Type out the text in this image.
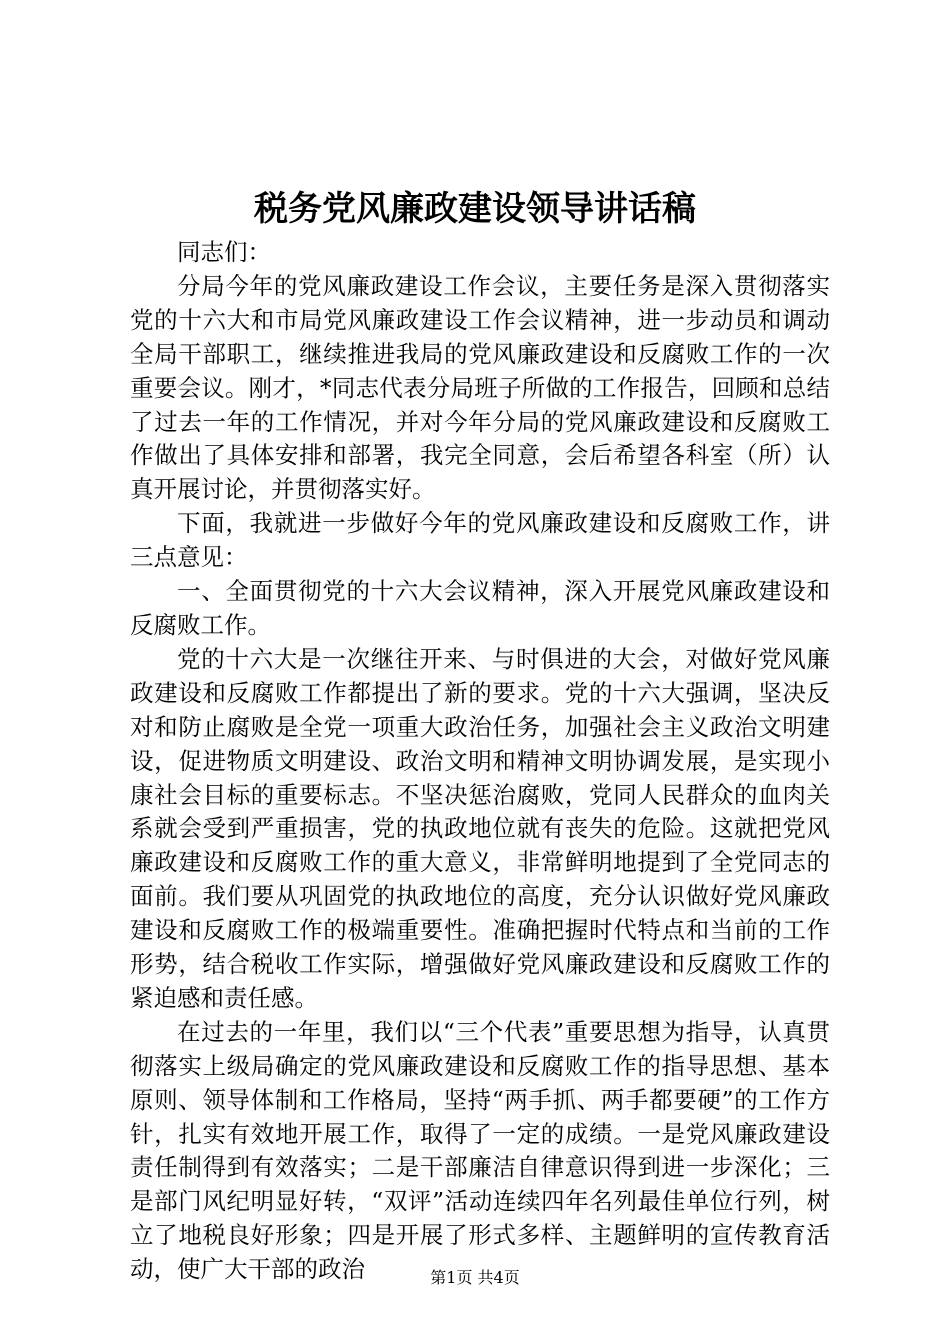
税务党风廉政建设领导讲话稿

同志们：

分局今年的党风廉政建设工作会议，主要任务是深入贯彻落实党的十六大和市局党风廉政建设工作会议精神，进一步动员和调动全局干部职工，继续推进我局的党风廉政建设和反腐败工作的一次重要会议。刚才，*同志代表分局班子所做的工作报告，回顾和总结了过去一年的工作情况，并对今年分局的党风廉政建设和反腐败工作做出了具体安排和部署，我完全同意，会后希望各科室（所）认真开展讨论，并贯彻落实好。

下面，我就进一步做好今年的党风廉政建设和反腐败工作，讲三点意见：

一、全面贯彻党的十六大会议精神，深入开展党风廉政建设和反腐败工作。

党的十六大是一次继往开来、与时俱进的大会，对做好党风廉政建设和反腐败工作都提出了新的要求。党的十六大强调，坚决反对和防止腐败是全党一项重大政治任务，加强社会主义政治文明建设，促进物质文明建设、政治文明和精神文明协调发展，是实现小康社会目标的重要标志。不坚决惩治腐败，党同人民群众的血肉关系就会受到严重损害，党的执政地位就有丧失的危险。这就把党风廉政建设和反腐败工作的重大意义，非常鲜明地提到了全党同志的面前。我们要从巩固党的执政地位的高度，充分认识做好党风廉政建设和反腐败工作的极端重要性。准确把握时代特点和当前的工作形势，结合税收工作实际，增强做好党风廉政建设和反腐败工作的紧迫感和责任感。

在过去的一年里，我们以“三个代表”重要思想为指导，认真贯彻落实上级局确定的党风廉政建设和反腐败工作的指导思想、基本原则、领导体制和工作格局，坚持“两手抓、两手都要硬”的工作方针，扎实有效地开展工作，取得了一定的成绩。一是党风廉政建设责任制得到有效落实；二是干部廉洁自律意识得到进一步深化；三是部门风纪明显好转，“双评”活动连续四年名列最佳单位行列，树立了地税良好形象；四是开展了形式多样、主题鲜明的宣传教育活动，使广大干部的政治	第1页 共4页
